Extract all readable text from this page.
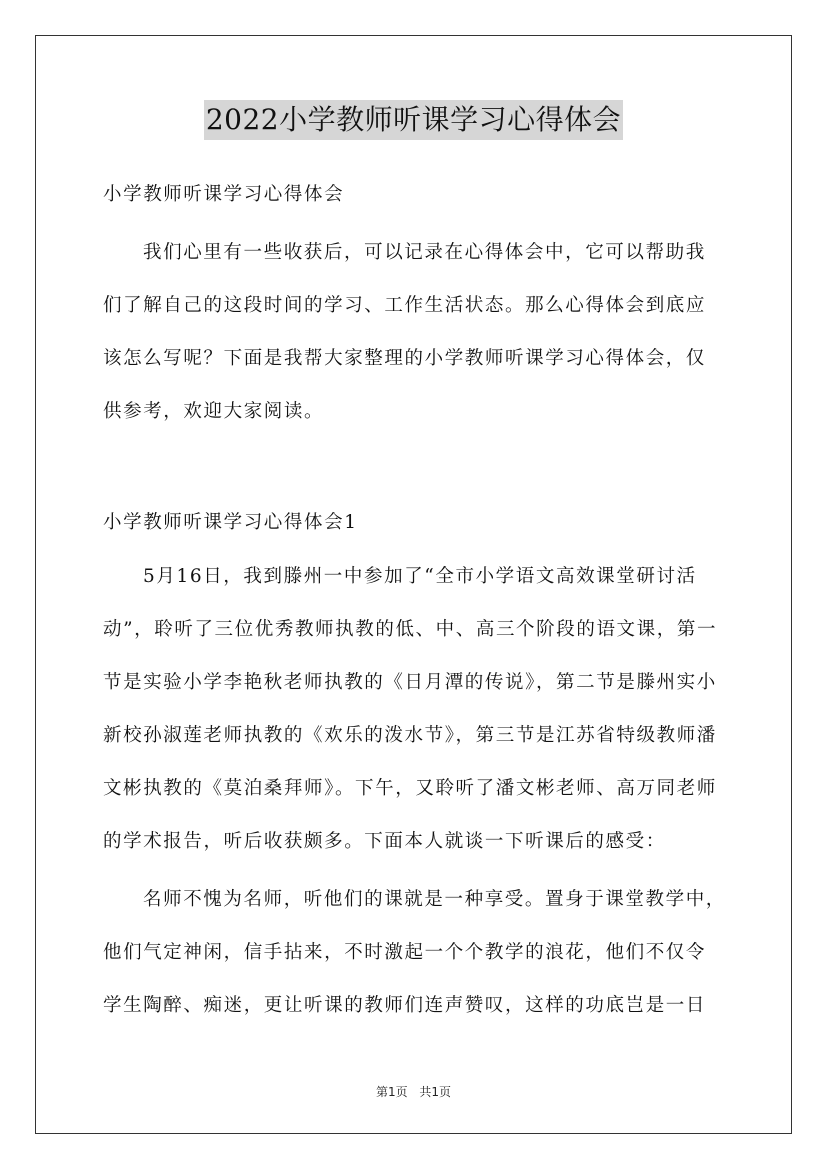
2022小学教师听课学习心得体会
小学教师听课学习心得体会
我们心里有一些收获后，可以记录在心得体会中，它可以帮助我
们了解自己的这段时间的学习、工作生活状态。那么心得体会到底应
该怎么写呢？下面是我帮大家整理的小学教师听课学习心得体会，仅
供参考，欢迎大家阅读。
小学教师听课学习心得体会1
5月16日，我到滕州一中参加了“全市小学语文高效课堂研讨活
动”，聆听了三位优秀教师执教的低、中、高三个阶段的语文课，第一
节是实验小学李艳秋老师执教的《日月潭的传说》，第二节是滕州实小
新校孙淑莲老师执教的《欢乐的泼水节》，第三节是江苏省特级教师潘
文彬执教的《莫泊桑拜师》。下午，又聆听了潘文彬老师、高万同老师
的学术报告，听后收获颇多。下面本人就谈一下听课后的感受：
名师不愧为名师，听他们的课就是一种享受。置身于课堂教学中，
他们气定神闲，信手拈来，不时激起一个个教学的浪花，他们不仅令
学生陶醉、痴迷，更让听课的教师们连声赞叹，这样的功底岂是一日
第1页 共1页
